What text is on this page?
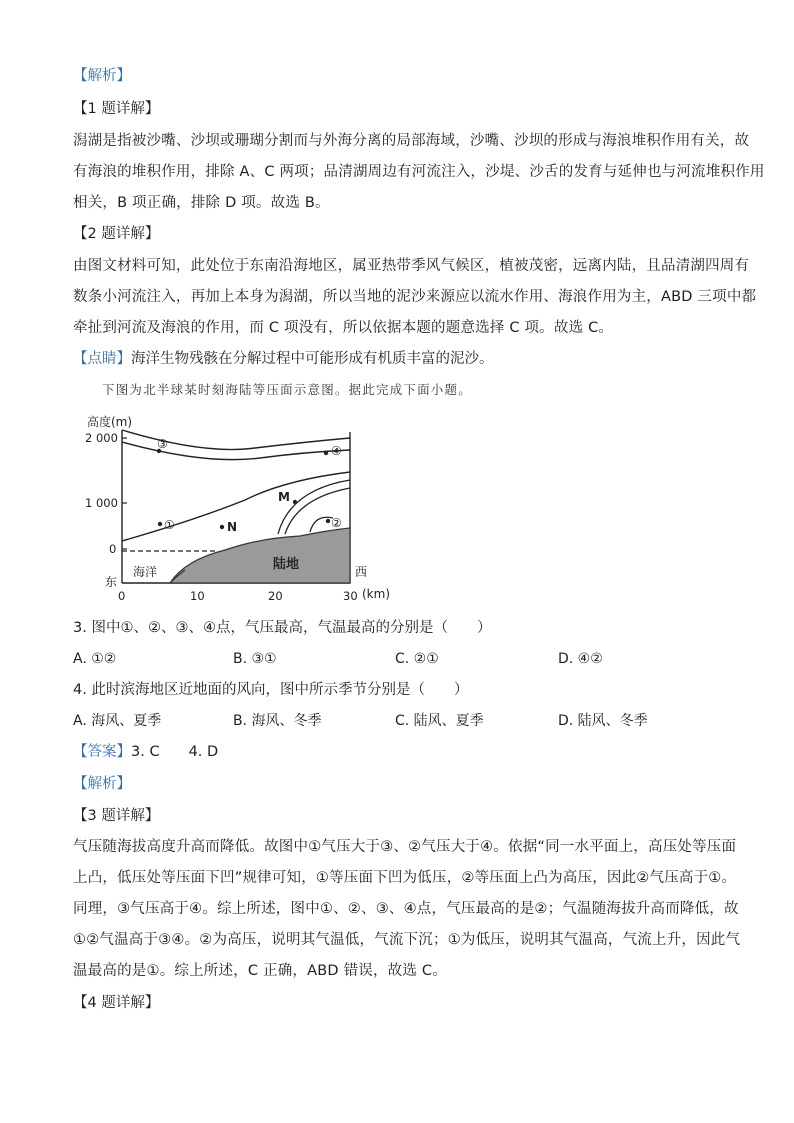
【解析】
【1 题详解】
潟湖是指被沙嘴、沙坝或珊瑚分割而与外海分离的局部海域，沙嘴、沙坝的形成与海浪堆积作用有关，故
有海浪的堆积作用，排除 A、C 两项；品清湖周边有河流注入，沙堤、沙舌的发育与延伸也与河流堆积作用
相关，B 项正确，排除 D 项。故选 B。
【2 题详解】
由图文材料可知，此处位于东南沿海地区，属亚热带季风气候区，植被茂密，远离内陆，且品清湖四周有
数条小河流注入，再加上本身为潟湖，所以当地的泥沙来源应以流水作用、海浪作用为主，ABD 三项中都
牵扯到河流及海浪的作用，而 C 项没有，所以依据本题的题意选择 C 项。故选 C。
【点睛】海洋生物残骸在分解过程中可能形成有机质丰富的泥沙。
下图为北半球某时刻海陆等压面示意图。据此完成下面小题。
高度(m)
2 000
1 000
0
0	10	20	30 (km)
海洋	陆地
东
西
③	④
①	②
M
N
3. 图中①、②、③、④点，气压最高，气温最高的分别是（　　）
A. ①②	B. ③①	C. ②①	D. ④②
4. 此时滨海地区近地面的风向，图中所示季节分别是（　　）
A. 海风、夏季	B. 海风、冬季	C. 陆风、夏季	D. 陆风、冬季
【答案】3. C　　4. D
【解析】
【3 题详解】
气压随海拔高度升高而降低。故图中①气压大于③、②气压大于④。依据“同一水平面上，高压处等压面
上凸，低压处等压面下凹”规律可知，①等压面下凹为低压，②等压面上凸为高压，因此②气压高于①。
同理，③气压高于④。综上所述，图中①、②、③、④点，气压最高的是②；气温随海拔升高而降低，故
①②气温高于③④。②为高压，说明其气温低，气流下沉；①为低压，说明其气温高，气流上升，因此气
温最高的是①。综上所述，C 正确，ABD 错误，故选 C。
【4 题详解】
